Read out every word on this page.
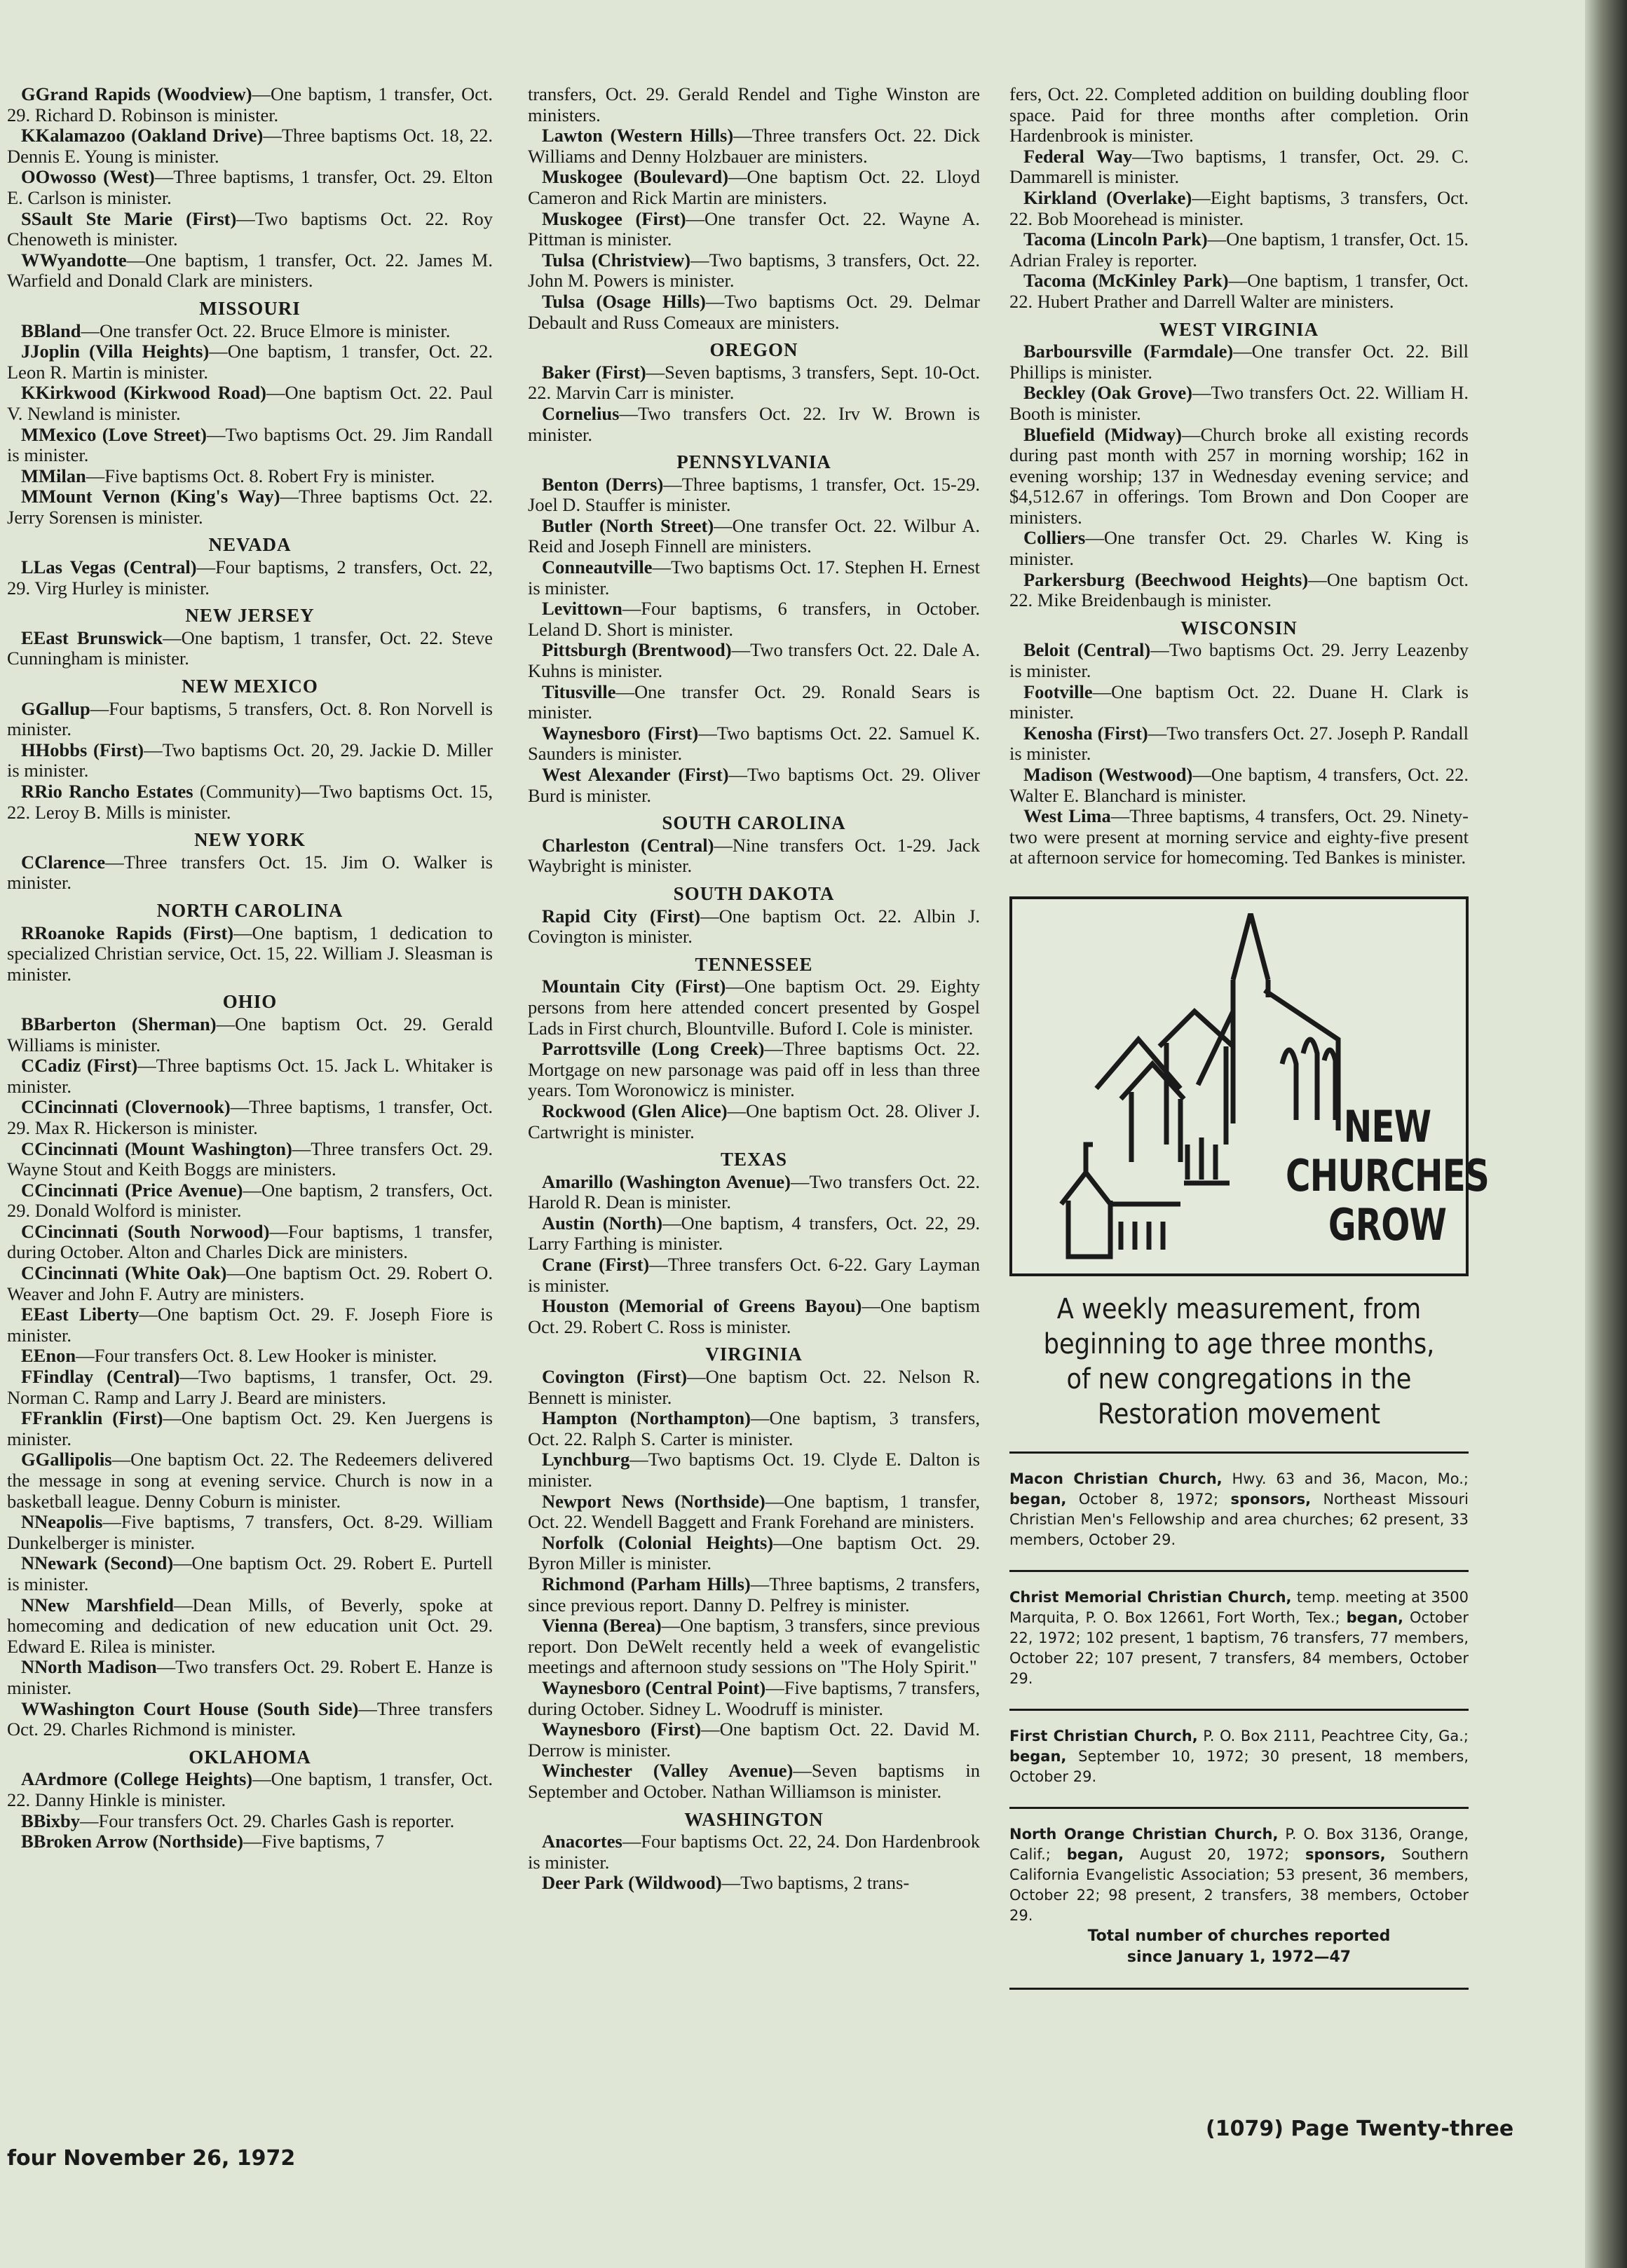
GGrand Rapids (Woodview)—One baptism, 1 transfer, Oct. 29. Richard D. Robinson is minister.

KKalamazoo (Oakland Drive)—Three baptisms Oct. 18, 22. Dennis E. Young is minister.

OOwosso (West)—Three baptisms, 1 transfer, Oct. 29. Elton E. Carlson is minister.

SSault Ste Marie (First)—Two baptisms Oct. 22. Roy Chenoweth is minister.

WWyandotte—One baptism, 1 transfer, Oct. 22. James M. Warfield and Donald Clark are ministers.

MISSOURI

BBland—One transfer Oct. 22. Bruce Elmore is minister.

JJoplin (Villa Heights)—One baptism, 1 transfer, Oct. 22. Leon R. Martin is minister.

KKirkwood (Kirkwood Road)—One baptism Oct. 22. Paul V. Newland is minister.

MMexico (Love Street)—Two baptisms Oct. 29. Jim Randall is minister.

MMilan—Five baptisms Oct. 8. Robert Fry is minister.

MMount Vernon (King's Way)—Three baptisms Oct. 22. Jerry Sorensen is minister.

NEVADA

LLas Vegas (Central)—Four baptisms, 2 transfers, Oct. 22, 29. Virg Hurley is minister.

NEW JERSEY

EEast Brunswick—One baptism, 1 transfer, Oct. 22. Steve Cunningham is minister.

NEW MEXICO

GGallup—Four baptisms, 5 transfers, Oct. 8. Ron Norvell is minister.

HHobbs (First)—Two baptisms Oct. 20, 29. Jackie D. Miller is minister.

RRio Rancho Estates (Community)—Two baptisms Oct. 15, 22. Leroy B. Mills is minister.

NEW YORK

CClarence—Three transfers Oct. 15. Jim O. Walker is minister.

NORTH CAROLINA

RRoanoke Rapids (First)—One baptism, 1 dedication to specialized Christian service, Oct. 15, 22. William J. Sleasman is minister.

OHIO

BBarberton (Sherman)—One baptism Oct. 29. Gerald Williams is minister.

CCadiz (First)—Three baptisms Oct. 15. Jack L. Whitaker is minister.

CCincinnati (Clovernook)—Three baptisms, 1 transfer, Oct. 29. Max R. Hickerson is minister.

CCincinnati (Mount Washington)—Three transfers Oct. 29. Wayne Stout and Keith Boggs are ministers.

CCincinnati (Price Avenue)—One baptism, 2 transfers, Oct. 29. Donald Wolford is minister.

CCincinnati (South Norwood)—Four baptisms, 1 transfer, during October. Alton and Charles Dick are ministers.

CCincinnati (White Oak)—One baptism Oct. 29. Robert O. Weaver and John F. Autry are ministers.

EEast Liberty—One baptism Oct. 29. F. Joseph Fiore is minister.

EEnon—Four transfers Oct. 8. Lew Hooker is minister.

FFindlay (Central)—Two baptisms, 1 transfer, Oct. 29. Norman C. Ramp and Larry J. Beard are ministers.

FFranklin (First)—One baptism Oct. 29. Ken Juergens is minister.

GGallipolis—One baptism Oct. 22. The Redeemers delivered the message in song at evening service. Church is now in a basketball league. Denny Coburn is minister.

NNeapolis—Five baptisms, 7 transfers, Oct. 8-29. William Dunkelberger is minister.

NNewark (Second)—One baptism Oct. 29. Robert E. Purtell is minister.

NNew Marshfield—Dean Mills, of Beverly, spoke at homecoming and dedication of new education unit Oct. 29. Edward E. Rilea is minister.

NNorth Madison—Two transfers Oct. 29. Robert E. Hanze is minister.

WWashington Court House (South Side)—Three transfers Oct. 29. Charles Richmond is minister.

OKLAHOMA

AArdmore (College Heights)—One baptism, 1 transfer, Oct. 22. Danny Hinkle is minister.

BBixby—Four transfers Oct. 29. Charles Gash is reporter.

BBroken Arrow (Northside)—Five baptisms, 7

transfers, Oct. 29. Gerald Rendel and Tighe Winston are ministers.

Lawton (Western Hills)—Three transfers Oct. 22. Dick Williams and Denny Holzbauer are ministers.

Muskogee (Boulevard)—One baptism Oct. 22. Lloyd Cameron and Rick Martin are ministers.

Muskogee (First)—One transfer Oct. 22. Wayne A. Pittman is minister.

Tulsa (Christview)—Two baptisms, 3 transfers, Oct. 22. John M. Powers is minister.

Tulsa (Osage Hills)—Two baptisms Oct. 29. Delmar Debault and Russ Comeaux are ministers.

OREGON

Baker (First)—Seven baptisms, 3 transfers, Sept. 10-Oct. 22. Marvin Carr is minister.

Cornelius—Two transfers Oct. 22. Irv W. Brown is minister.

PENNSYLVANIA

Benton (Derrs)—Three baptisms, 1 transfer, Oct. 15-29. Joel D. Stauffer is minister.

Butler (North Street)—One transfer Oct. 22. Wilbur A. Reid and Joseph Finnell are ministers.

Conneautville—Two baptisms Oct. 17. Stephen H. Ernest is minister.

Levittown—Four baptisms, 6 transfers, in October. Leland D. Short is minister.

Pittsburgh (Brentwood)—Two transfers Oct. 22. Dale A. Kuhns is minister.

Titusville—One transfer Oct. 29. Ronald Sears is minister.

Waynesboro (First)—Two baptisms Oct. 22. Samuel K. Saunders is minister.

West Alexander (First)—Two baptisms Oct. 29. Oliver Burd is minister.

SOUTH CAROLINA

Charleston (Central)—Nine transfers Oct. 1-29. Jack Waybright is minister.

SOUTH DAKOTA

Rapid City (First)—One baptism Oct. 22. Albin J. Covington is minister.

TENNESSEE

Mountain City (First)—One baptism Oct. 29. Eighty persons from here attended concert presented by Gospel Lads in First church, Blountville. Buford I. Cole is minister.

Parrottsville (Long Creek)—Three baptisms Oct. 22. Mortgage on new parsonage was paid off in less than three years. Tom Woronowicz is minister.

Rockwood (Glen Alice)—One baptism Oct. 28. Oliver J. Cartwright is minister.

TEXAS

Amarillo (Washington Avenue)—Two transfers Oct. 22. Harold R. Dean is minister.

Austin (North)—One baptism, 4 transfers, Oct. 22, 29. Larry Farthing is minister.

Crane (First)—Three transfers Oct. 6-22. Gary Layman is minister.

Houston (Memorial of Greens Bayou)—One baptism Oct. 29. Robert C. Ross is minister.

VIRGINIA

Covington (First)—One baptism Oct. 22. Nelson R. Bennett is minister.

Hampton (Northampton)—One baptism, 3 transfers, Oct. 22. Ralph S. Carter is minister.

Lynchburg—Two baptisms Oct. 19. Clyde E. Dalton is minister.

Newport News (Northside)—One baptism, 1 transfer, Oct. 22. Wendell Baggett and Frank Forehand are ministers.

Norfolk (Colonial Heights)—One baptism Oct. 29. Byron Miller is minister.

Richmond (Parham Hills)—Three baptisms, 2 transfers, since previous report. Danny D. Pelfrey is minister.

Vienna (Berea)—One baptism, 3 transfers, since previous report. Don DeWelt recently held a week of evangelistic meetings and afternoon study sessions on "The Holy Spirit."

Waynesboro (Central Point)—Five baptisms, 7 transfers, during October. Sidney L. Woodruff is minister.

Waynesboro (First)—One baptism Oct. 22. David M. Derrow is minister.

Winchester (Valley Avenue)—Seven baptisms in September and October. Nathan Williamson is minister.

WASHINGTON

Anacortes—Four baptisms Oct. 22, 24. Don Hardenbrook is minister.

Deer Park (Wildwood)—Two baptisms, 2 trans-

fers, Oct. 22. Completed addition on building doubling floor space. Paid for three months after completion. Orin Hardenbrook is minister.

Federal Way—Two baptisms, 1 transfer, Oct. 29. C. Dammarell is minister.

Kirkland (Overlake)—Eight baptisms, 3 transfers, Oct. 22. Bob Moorehead is minister.

Tacoma (Lincoln Park)—One baptism, 1 transfer, Oct. 15. Adrian Fraley is reporter.

Tacoma (McKinley Park)—One baptism, 1 transfer, Oct. 22. Hubert Prather and Darrell Walter are ministers.

WEST VIRGINIA

Barboursville (Farmdale)—One transfer Oct. 22. Bill Phillips is minister.

Beckley (Oak Grove)—Two transfers Oct. 22. William H. Booth is minister.

Bluefield (Midway)—Church broke all existing records during past month with 257 in morning worship; 162 in evening worship; 137 in Wednesday evening service; and $4,512.67 in offerings. Tom Brown and Don Cooper are ministers.

Colliers—One transfer Oct. 29. Charles W. King is minister.

Parkersburg (Beechwood Heights)—One baptism Oct. 22. Mike Breidenbaugh is minister.

WISCONSIN

Beloit (Central)—Two baptisms Oct. 29. Jerry Leazenby is minister.

Footville—One baptism Oct. 22. Duane H. Clark is minister.

Kenosha (First)—Two transfers Oct. 27. Joseph P. Randall is minister.

Madison (Westwood)—One baptism, 4 transfers, Oct. 22. Walter E. Blanchard is minister.

West Lima—Three baptisms, 4 transfers, Oct. 29. Ninety-two were present at morning service and eighty-five present at afternoon service for homecoming. Ted Bankes is minister.

NEW
CHURCHES
GROW
A weekly measurement, from beginning to age three months, of new congregations in the Restoration movement

Macon Christian Church, Hwy. 63 and 36, Macon, Mo.; began, October 8, 1972; sponsors, Northeast Missouri Christian Men's Fellowship and area churches; 62 present, 33 members, October 29.

Christ Memorial Christian Church, temp. meeting at 3500 Marquita, P. O. Box 12661, Fort Worth, Tex.; began, October 22, 1972; 102 present, 1 baptism, 76 transfers, 77 members, October 22; 107 present, 7 transfers, 84 members, October 29.

First Christian Church, P. O. Box 2111, Peachtree City, Ga.; began, September 10, 1972; 30 present, 18 members, October 29.

North Orange Christian Church, P. O. Box 3136, Orange, Calif.; began, August 20, 1972; sponsors, Southern California Evangelistic Association; 53 present, 36 members, October 22; 98 present, 2 transfers, 38 members, October 29.

Total number of churches reported
since January 1, 1972—47
four November 26, 1972
(1079) Page Twenty-three
